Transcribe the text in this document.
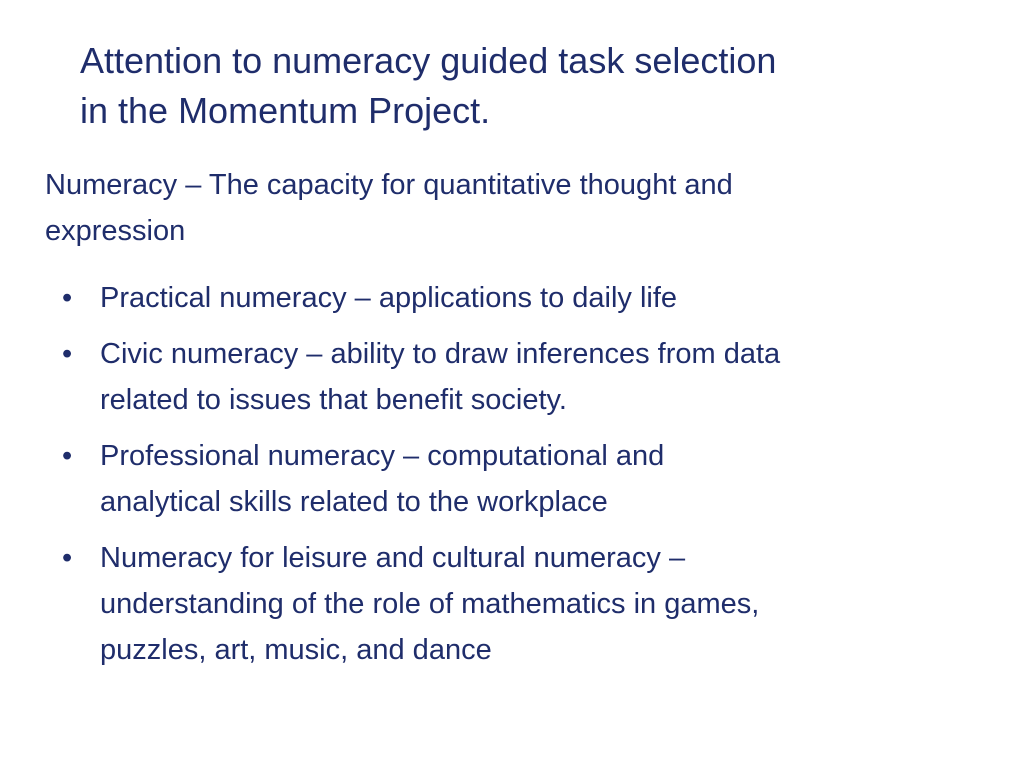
Attention to numeracy guided task selection
in the Momentum Project.
Numeracy – The capacity for quantitative thought and
expression
• Practical numeracy – applications to daily life
• Civic numeracy – ability to draw inferences from data
related to issues that benefit society.
• Professional numeracy – computational and
analytical skills related to the workplace
• Numeracy for leisure and cultural numeracy –
understanding of the role of mathematics in games,
puzzles, art, music, and dance
